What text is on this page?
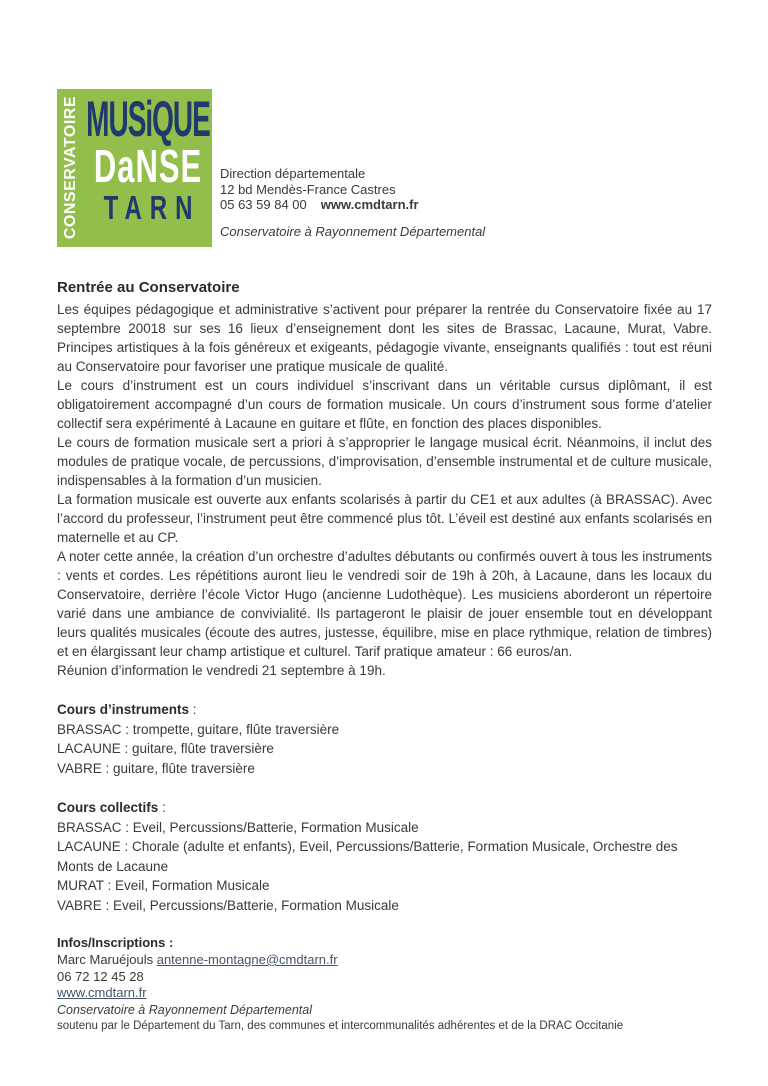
CONSERVATOIRE MUSiQUE
DaNSE
TARN
Direction départementale
12 bd Mendès-France Castres
05 63 59 84 00 www.cmdtarn.fr
Conservatoire à Rayonnement Départemental
Rentrée au Conservatoire

Les équipes pédagogique et administrative s’activent pour préparer la rentrée du Conservatoire fixée au 17 septembre 20018 sur ses 16 lieux d’enseignement dont les sites de Brassac, Lacaune, Murat, Vabre. Principes artistiques à la fois généreux et exigeants, pédagogie vivante, enseignants qualifiés : tout est réuni au Conservatoire pour favoriser une pratique musicale de qualité.

Le cours d’instrument est un cours individuel s’inscrivant dans un véritable cursus diplômant, il est obligatoirement accompagné d’un cours de formation musicale. Un cours d’instrument sous forme d’atelier collectif sera expérimenté à Lacaune en guitare et flûte, en fonction des places disponibles.

Le cours de formation musicale sert a priori à s’approprier le langage musical écrit. Néanmoins, il inclut des modules de pratique vocale, de percussions, d’improvisation, d’ensemble instrumental et de culture musicale, indispensables à la formation d’un musicien.

La formation musicale est ouverte aux enfants scolarisés à partir du CE1 et aux adultes (à BRASSAC). Avec l’accord du professeur, l’instrument peut être commencé plus tôt. L’éveil est destiné aux enfants scolarisés en maternelle et au CP.

A noter cette année, la création d’un orchestre d’adultes débutants ou confirmés ouvert à tous les instruments : vents et cordes. Les répétitions auront lieu le vendredi soir de 19h à 20h, à Lacaune, dans les locaux du Conservatoire, derrière l’école Victor Hugo (ancienne Ludothèque). Les musiciens aborderont un répertoire varié dans une ambiance de convivialité. Ils partageront le plaisir de jouer ensemble tout en développant leurs qualités musicales (écoute des autres, justesse, équilibre, mise en place rythmique, relation de timbres) et en élargissant leur champ artistique et culturel. Tarif pratique amateur : 66 euros/an.

Réunion d’information le vendredi 21 septembre à 19h.

Cours d’instruments :
BRASSAC : trompette, guitare, flûte traversière
LACAUNE : guitare, flûte traversière
VABRE : guitare, flûte traversière
Cours collectifs :
BRASSAC : Eveil, Percussions/Batterie, Formation Musicale
LACAUNE : Chorale (adulte et enfants), Eveil, Percussions/Batterie, Formation Musicale, Orchestre des Monts de Lacaune
MURAT : Eveil, Formation Musicale
VABRE : Eveil, Percussions/Batterie, Formation Musicale
Infos/Inscriptions :
Marc Maruéjouls antenne-montagne@cmdtarn.fr
06 72 12 45 28
www.cmdtarn.fr
Conservatoire à Rayonnement Départemental
soutenu par le Département du Tarn, des communes et intercommunalités adhérentes et de la DRAC Occitanie
